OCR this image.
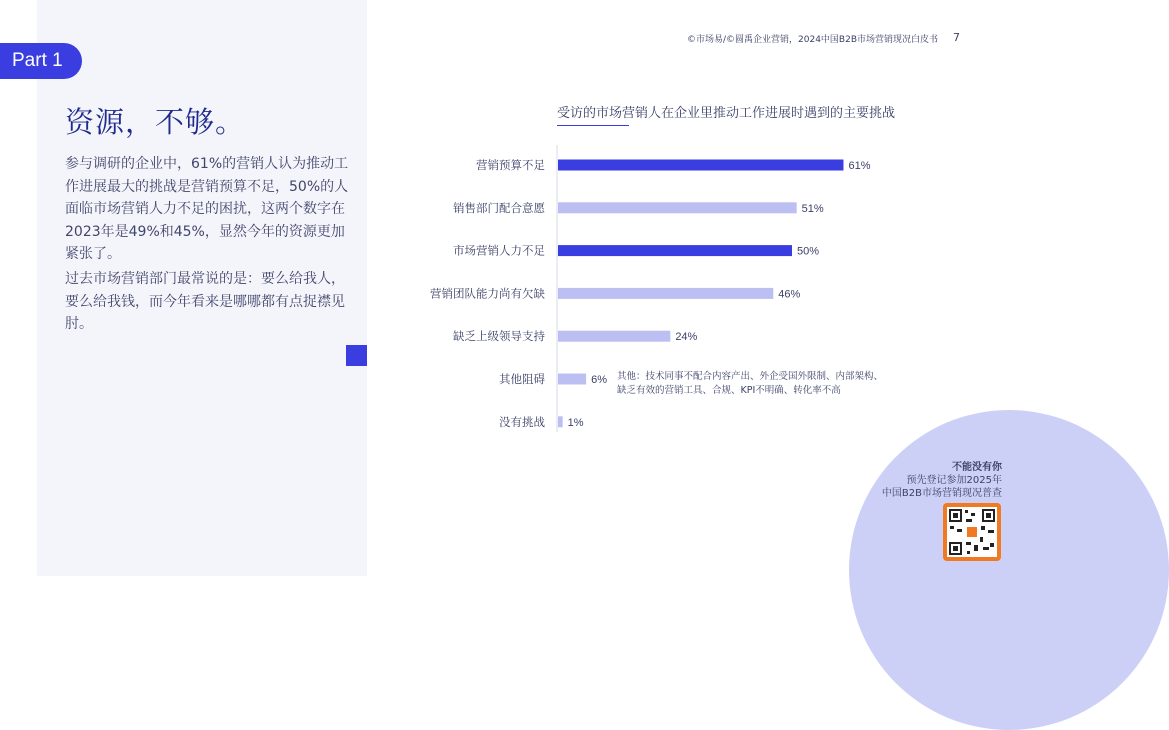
Part 1
资源，不够。
参与调研的企业中，61%的营销人认为推动工作进展最大的挑战是营销预算不足，50%的人面临市场营销人力不足的困扰，这两个数字在2023年是49%和45%，显然今年的资源更加紧张了。
过去市场营销部门最常说的是：要么给我人，要么给我钱，而今年看来是哪哪都有点捉襟见肘。
©市场易/©圆禹企业营销，2024中国B2B市场营销现况白皮书 7
受访的市场营销人在企业里推动工作进展时遇到的主要挑战
营销预算不足	61%
销售部门配合意愿	51%
市场营销人力不足	50%
营销团队能力尚有欠缺	46%
缺乏上级领导支持	24%
其他阻碍	6%
没有挑战 1%
其他：技术同事不配合内容产出、外企受国外限制、内部架构、
缺乏有效的营销工具、合规、KPI不明确、转化率不高
不能没有你
预先登记参加2025年
中国B2B市场营销现况普查
